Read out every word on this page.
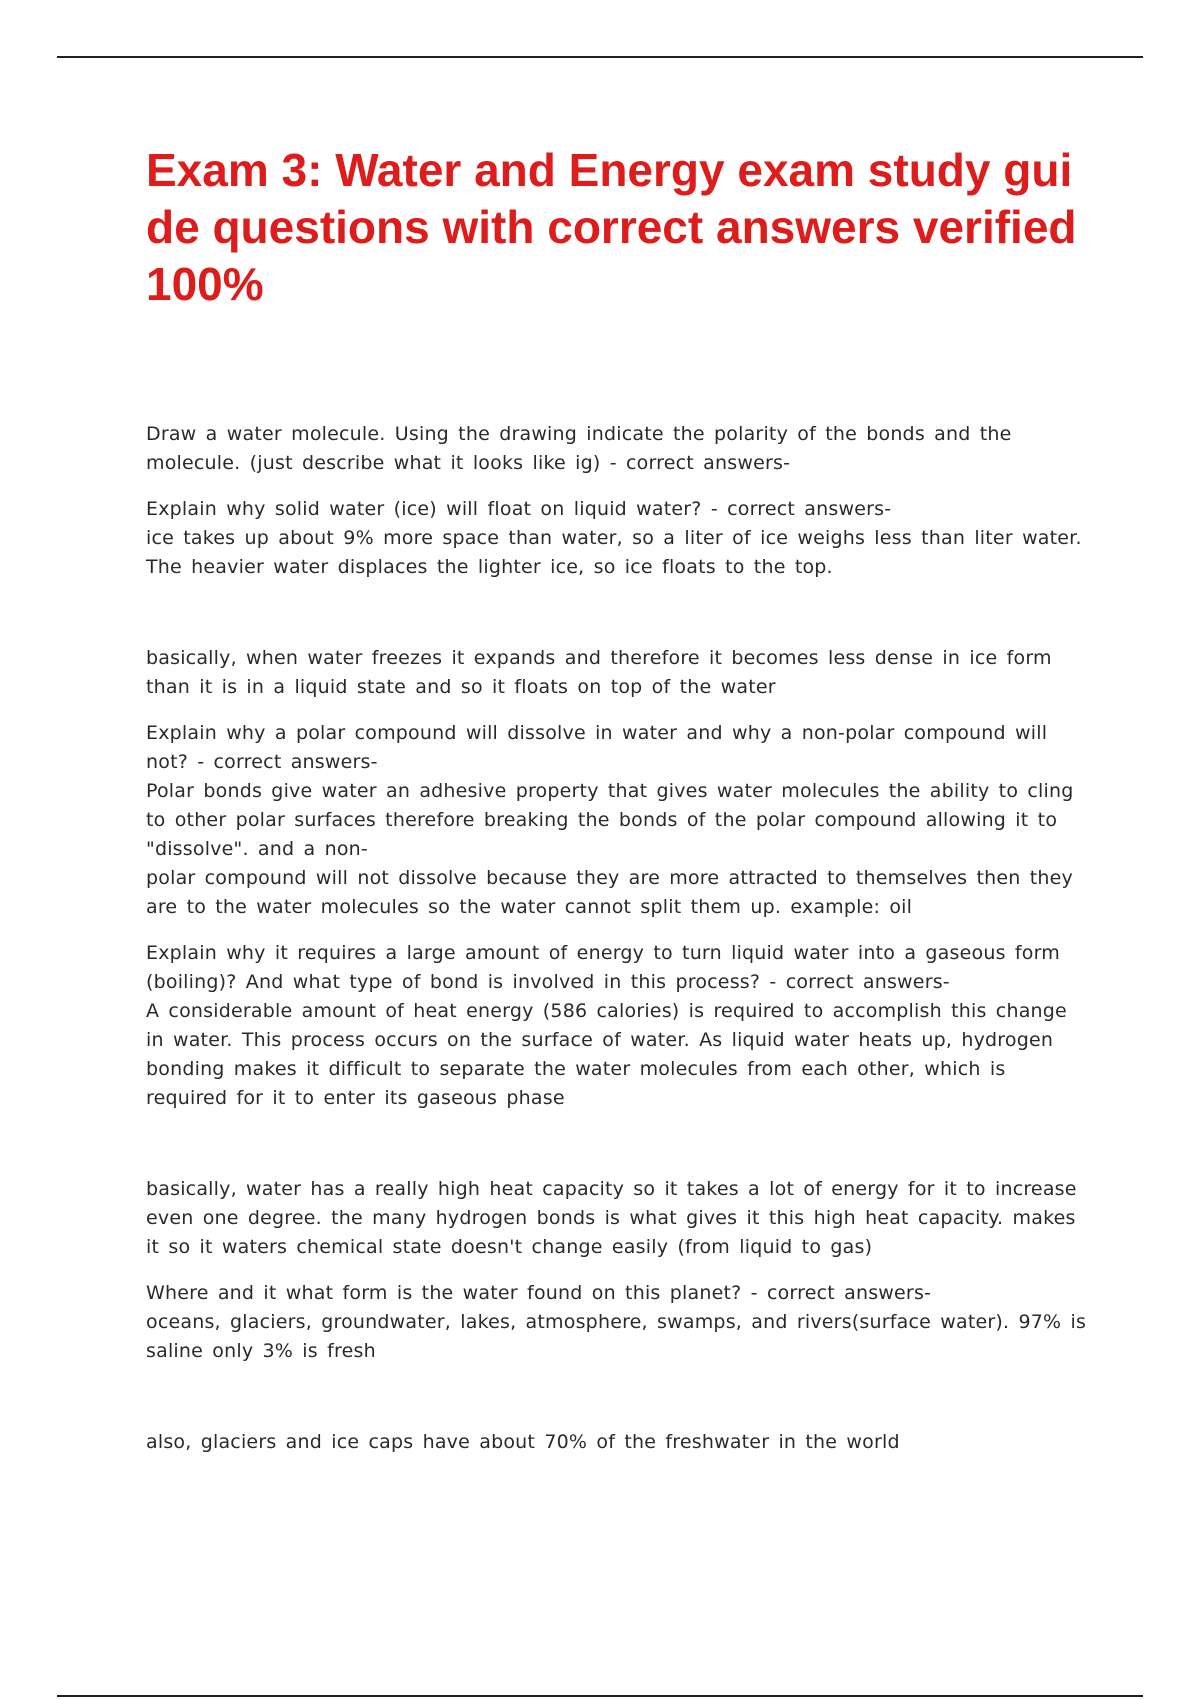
Exam 3: Water and Energy exam study guide questions with correct answers verified 100%

Draw a water molecule. Using the drawing indicate the polarity of the bonds and the molecule. (just describe what it looks like ig) - correct answers-

Explain why solid water (ice) will float on liquid water? - correct answers-

ice takes up about 9% more space than water, so a liter of ice weighs less than liter water. The heavier water displaces the lighter ice, so ice floats to the top.

basically, when water freezes it expands and therefore it becomes less dense in ice form than it is in a liquid state and so it floats on top of the water

Explain why a polar compound will dissolve in water and why a non-polar compound will not? - correct answers-

Polar bonds give water an adhesive property that gives water molecules the ability to cling to other polar surfaces therefore breaking the bonds of the polar compound allowing it to "dissolve". and a non-

polar compound will not dissolve because they are more attracted to themselves then they are to the water molecules so the water cannot split them up. example: oil

Explain why it requires a large amount of energy to turn liquid water into a gaseous form (boiling)? And what type of bond is involved in this process? - correct answers-

A considerable amount of heat energy (586 calories) is required to accomplish this change in water. This process occurs on the surface of water. As liquid water heats up, hydrogen bonding makes it difficult to separate the water molecules from each other, which is required for it to enter its gaseous phase

basically, water has a really high heat capacity so it takes a lot of energy for it to increase even one degree. the many hydrogen bonds is what gives it this high heat capacity. makes it so it waters chemical state doesn't change easily (from liquid to gas)

Where and it what form is the water found on this planet? - correct answers-

oceans, glaciers, groundwater, lakes, atmosphere, swamps, and rivers(surface water). 97% is saline only 3% is fresh

also, glaciers and ice caps have about 70% of the freshwater in the world
